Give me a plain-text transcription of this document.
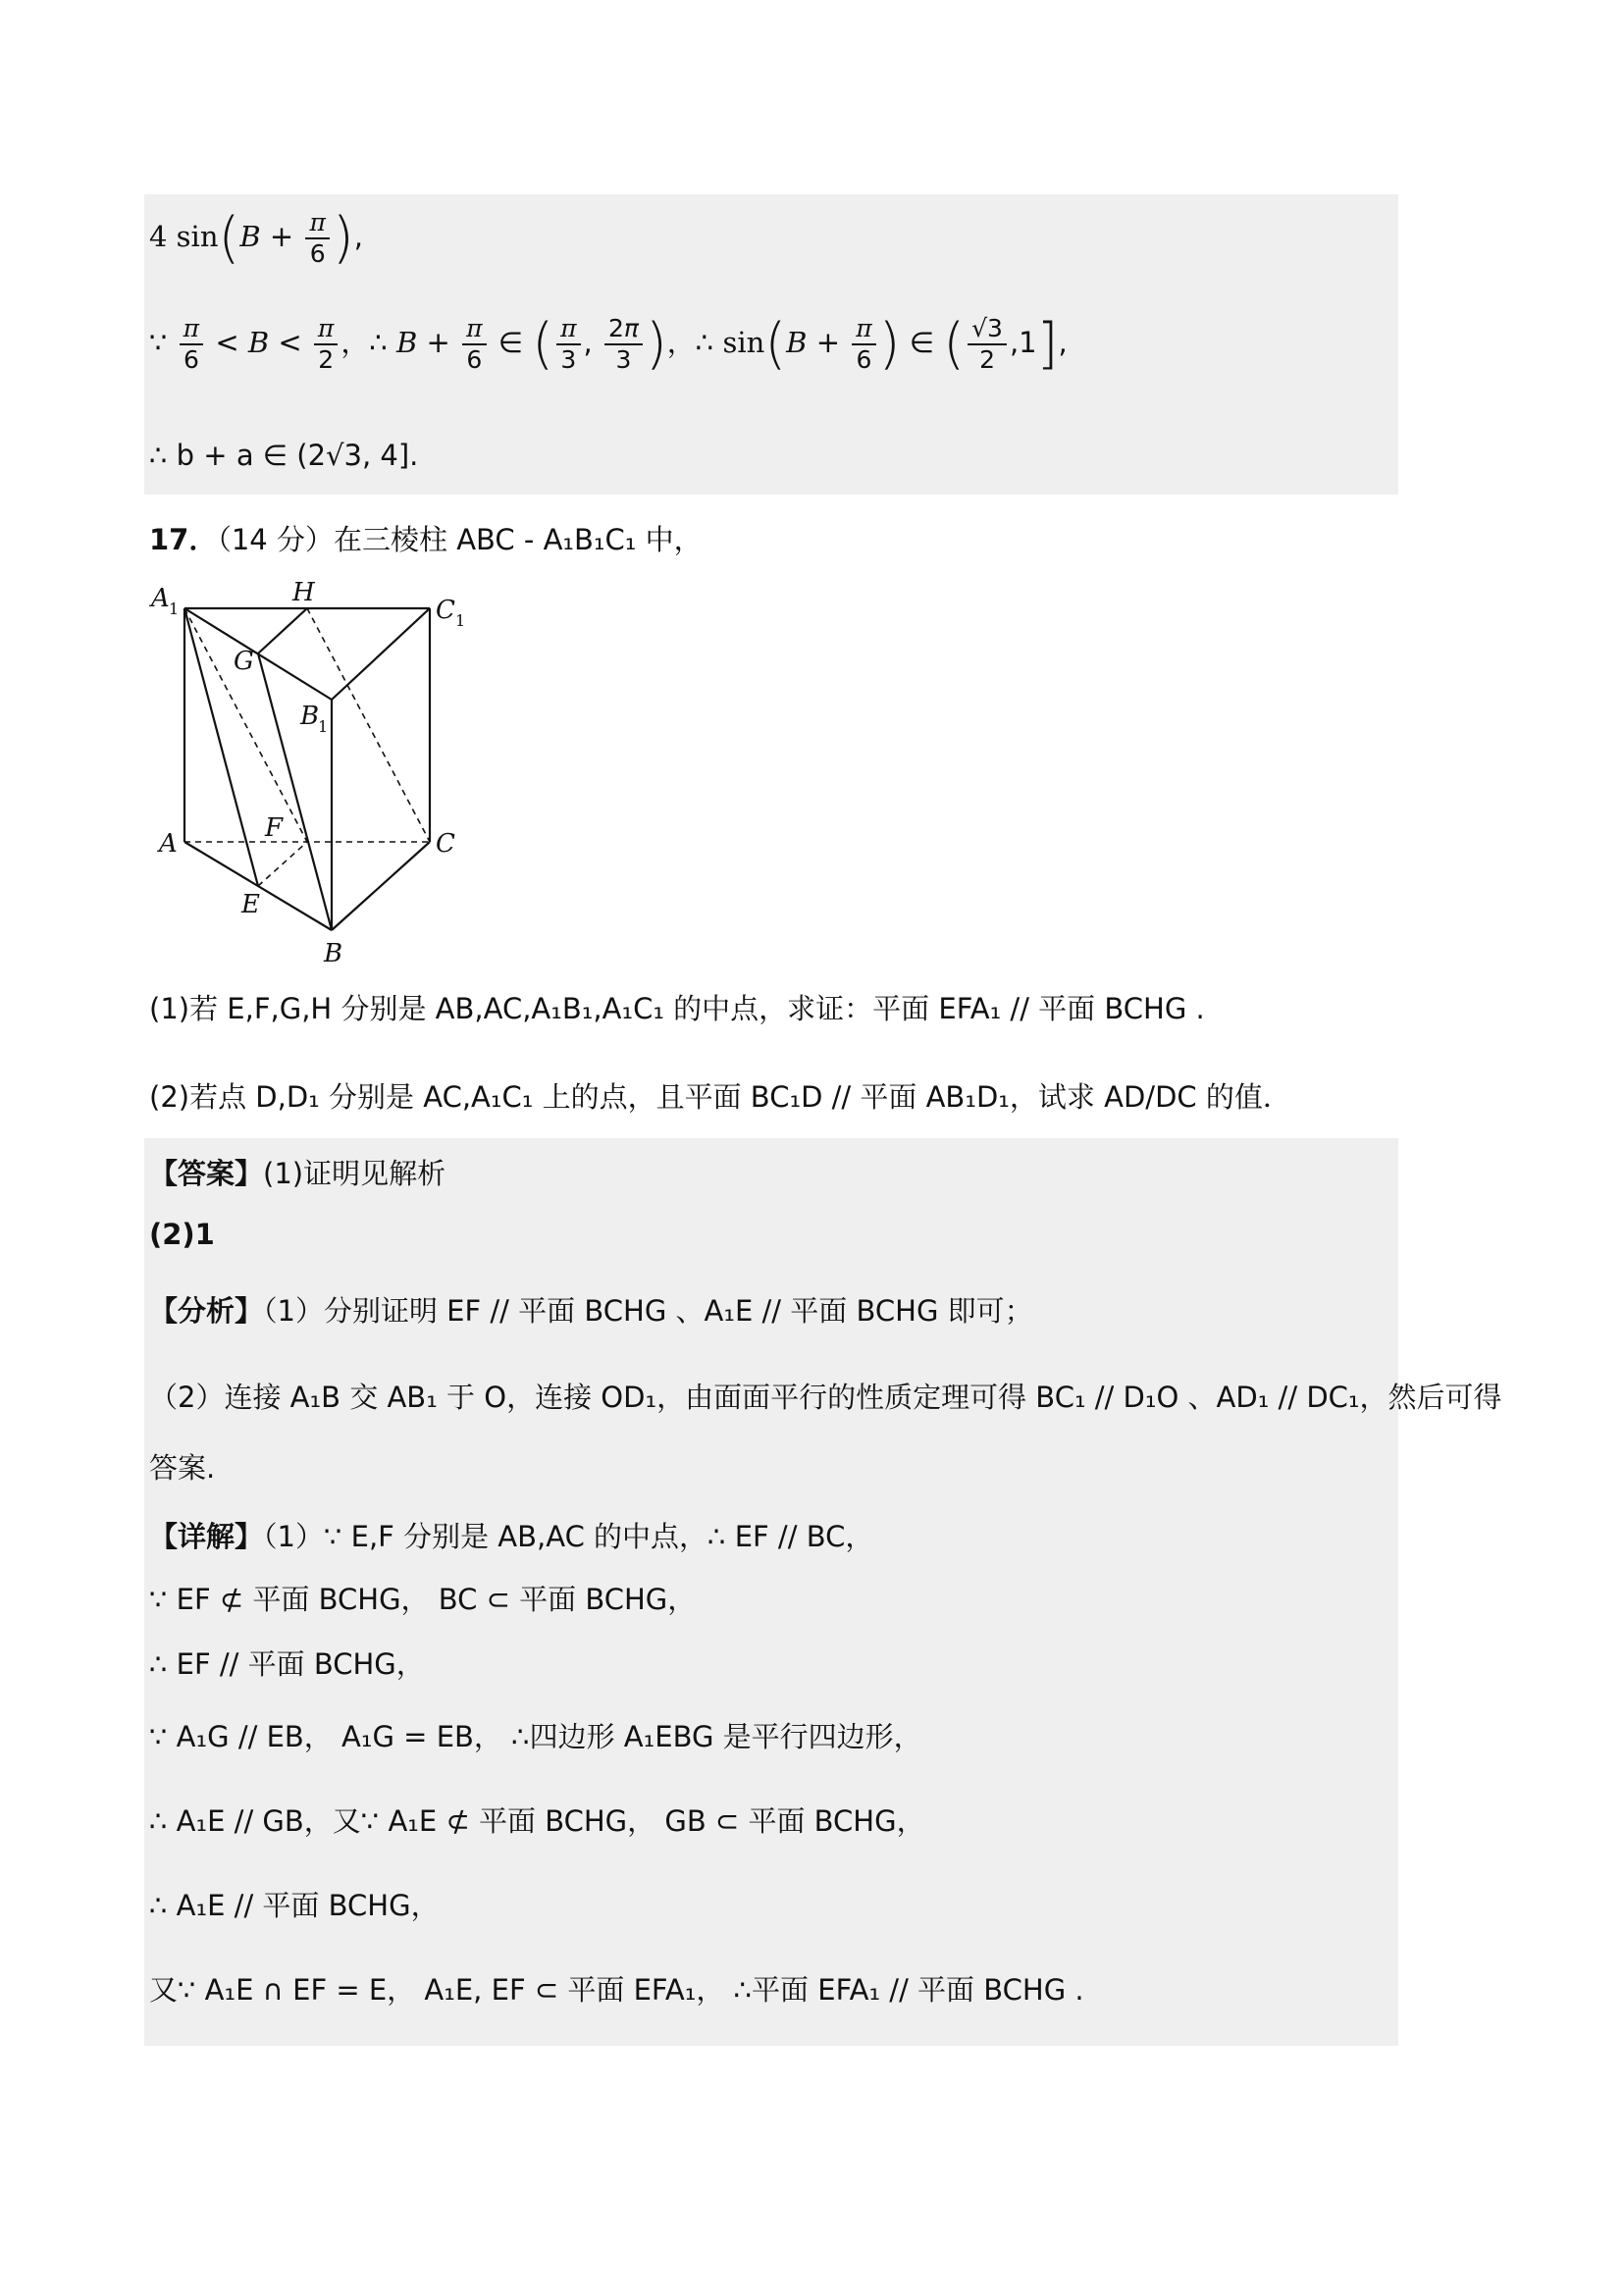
4 $\sin(B + \frac{\pi}{6}$ ),
∵ $\frac{\pi}{6} < B < \frac{\pi}{2}$ ，∴ $B + \frac{\pi}{6}$ ∈ ( $\frac{\pi}{3}$ , $\frac{2\pi}{3}$ )，∴ $\sin(B + \frac{\pi}{6}$ ) ∈ ( $\frac{√3}{2} ,1$],
∴ b + a ∈ (2√3, 4].
17．（14 分）在三棱柱 ABC - A₁B₁C₁ 中，
A 1
H
C 1
G
B
1
A
F
C
E
B
(1)若 E,F,G,H 分别是 AB,AC,A₁B₁,A₁C₁ 的中点，求证：平面 EFA₁ // 平面 BCHG .
(2)若点 D,D₁ 分别是 AC,A₁C₁ 上的点，且平面 BC₁D // 平面 AB₁D₁，试求 AD/DC 的值．
【答案】(1)证明见解析
(2)1
【分析】（1）分别证明 EF // 平面 BCHG 、A₁E // 平面 BCHG 即可；
（2）连接 A₁B 交 AB₁ 于 O，连接 OD₁，由面面平行的性质定理可得 BC₁ // D₁O 、AD₁ // DC₁，然后可得
答案.
【详解】（1）∵ E,F 分别是 AB,AC 的中点，∴ EF // BC，
∵ EF ⊄ 平面 BCHG， BC ⊂ 平面 BCHG，
∴ EF // 平面 BCHG，
∵ A₁G // EB， A₁G = EB， ∴四边形 A₁EBG 是平行四边形，
∴ A₁E // GB，又∵ A₁E ⊄ 平面 BCHG， GB ⊂ 平面 BCHG，
∴ A₁E // 平面 BCHG，
又∵ A₁E ∩ EF = E， A₁E, EF ⊂ 平面 EFA₁， ∴平面 EFA₁ // 平面 BCHG .
